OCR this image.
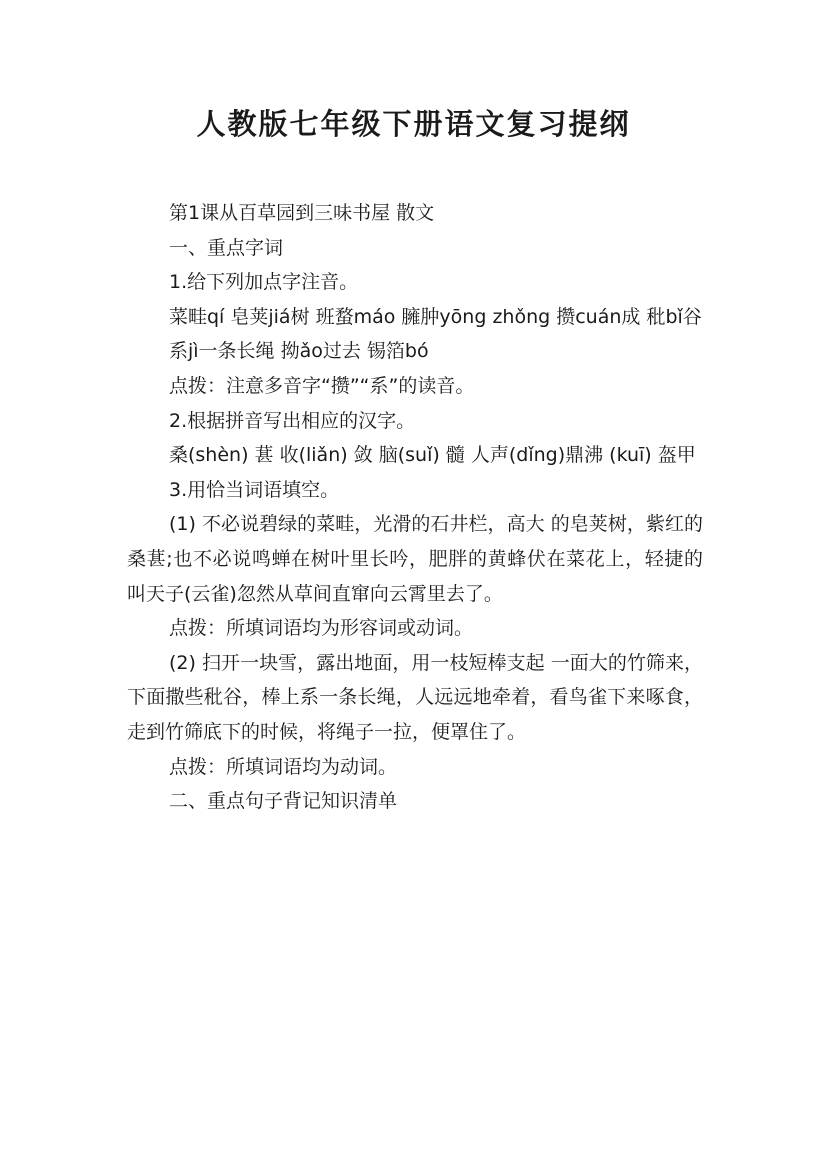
人教版七年级下册语文复习提纲

第1课从百草园到三味书屋 散文

一、重点字词

1.给下列加点字注音。

菜畦qí 皂荚jiá树 班蝥máo 臃肿yōng zhǒng 攒cuán成 秕bǐ谷

系jì一条长绳 拗ǎo过去 锡箔bó

点拨：注意多音字“攒”“系”的读音。

2.根据拼音写出相应的汉字。

桑(shèn) 葚 收(liǎn) 敛 脑(suǐ) 髓 人声(dǐng)鼎沸 (kuī) 盔甲

3.用恰当词语填空。

(1) 不必说碧绿的菜畦，光滑的石井栏，高大 的皂荚树，紫红的桑葚;也不必说鸣蝉在树叶里长吟，肥胖的黄蜂伏在菜花上，轻捷的叫天子(云雀)忽然从草间直窜向云霄里去了。

点拨：所填词语均为形容词或动词。

(2) 扫开一块雪，露出地面，用一枝短棒支起 一面大的竹筛来，下面撒些秕谷，棒上系一条长绳，人远远地牵着，看鸟雀下来啄食，走到竹筛底下的时候，将绳子一拉，便罩住了。

点拨：所填词语均为动词。

二、重点句子背记知识清单
